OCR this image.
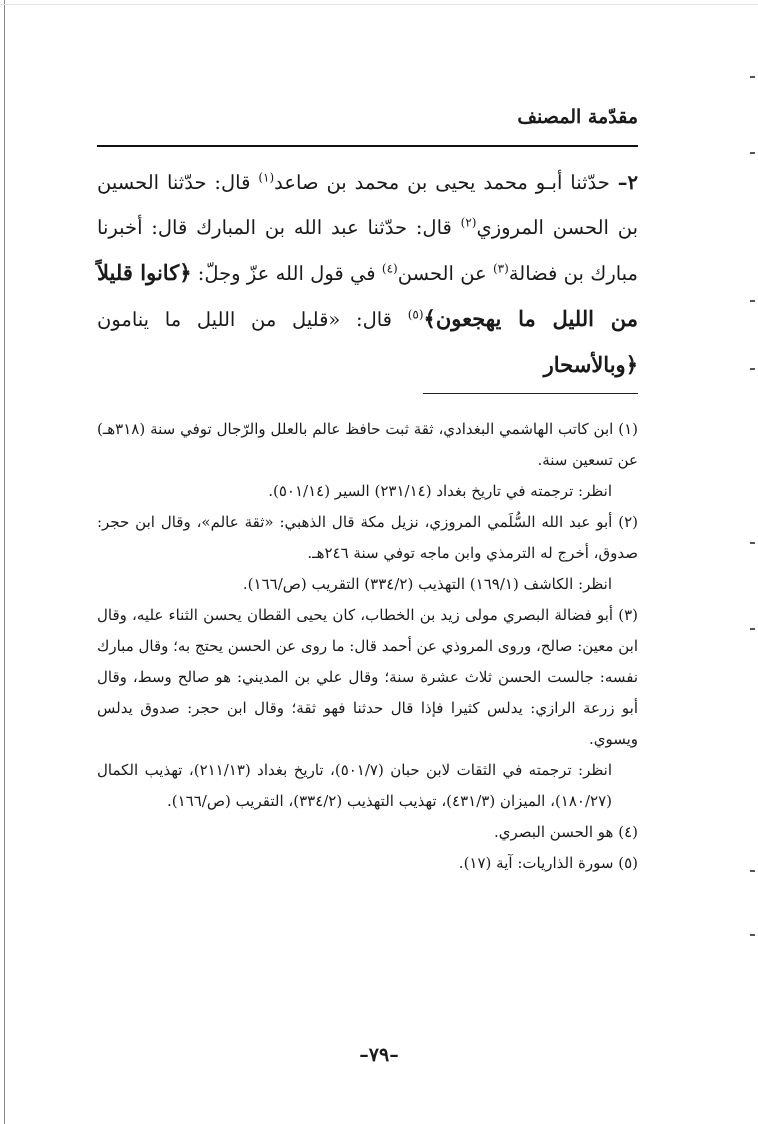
مقدّمة المصنف
٢– حدّثنا أبـو محمد يحيى بن محمد بن صاعد$^{(١)}$ قال: حدّثنا الحسين بن الحسن المروزي$^{(٢)}$ قال: حدّثنا عبد الله بن المبارك قال: أخبرنا مبارك بن فضالة$^{(٣)}$ عن الحسن$^{(٤)}$ في قول الله عزّ وجلّ: ﴿كانوا قليلاً من الليل ما يهجعون﴾$^{(٥)}$ قال: «قليل من الليل ما ينامون ﴿وبالأسحار

(١) ابن كاتب الهاشمي البغدادي، ثقة ثبت حافظ عالم بالعلل والرّجال توفي سنة (٣١٨هـ) عن تسعين سنة.

انظر: ترجمته في تاريخ بغداد (٢٣١/١٤) السير (٥٠١/١٤).

(٢) أبو عبد الله السُّلَمي المروزي، نزيل مكة قال الذهبي: «ثقة عالم»، وقال ابن حجر: صدوق، أخرج له الترمذي وابن ماجه توفي سنة ٢٤٦هـ.

انظر: الكاشف (١٦٩/١) التهذيب (٣٣٤/٢) التقريب (ص/١٦٦).

(٣) أبو فضالة البصري مولى زيد بن الخطاب، كان يحيى القطان يحسن الثناء عليه، وقال ابن معين: صالح، وروى المروذي عن أحمد قال: ما روى عن الحسن يحتج به؛ وقال مبارك نفسه: جالست الحسن ثلاث عشرة سنة؛ وقال علي بن المديني: هو صالح وسط، وقال أبو زرعة الرازي: يدلس كثيرا فإذا قال حدثنا فهو ثقة؛ وقال ابن حجر: صدوق يدلس ويسوي.

انظر: ترجمته في الثقات لابن حبان (٥٠١/٧)، تاريخ بغداد (٢١١/١٣)، تهذيب الكمال (١٨٠/٢٧)، الميزان (٤٣١/٣)، تهذيب التهذيب (٣٣٤/٢)، التقريب (ص/١٦٦).

(٤) هو الحسن البصري.

(٥) سورة الذاريات: آية (١٧).

–٧٩–
